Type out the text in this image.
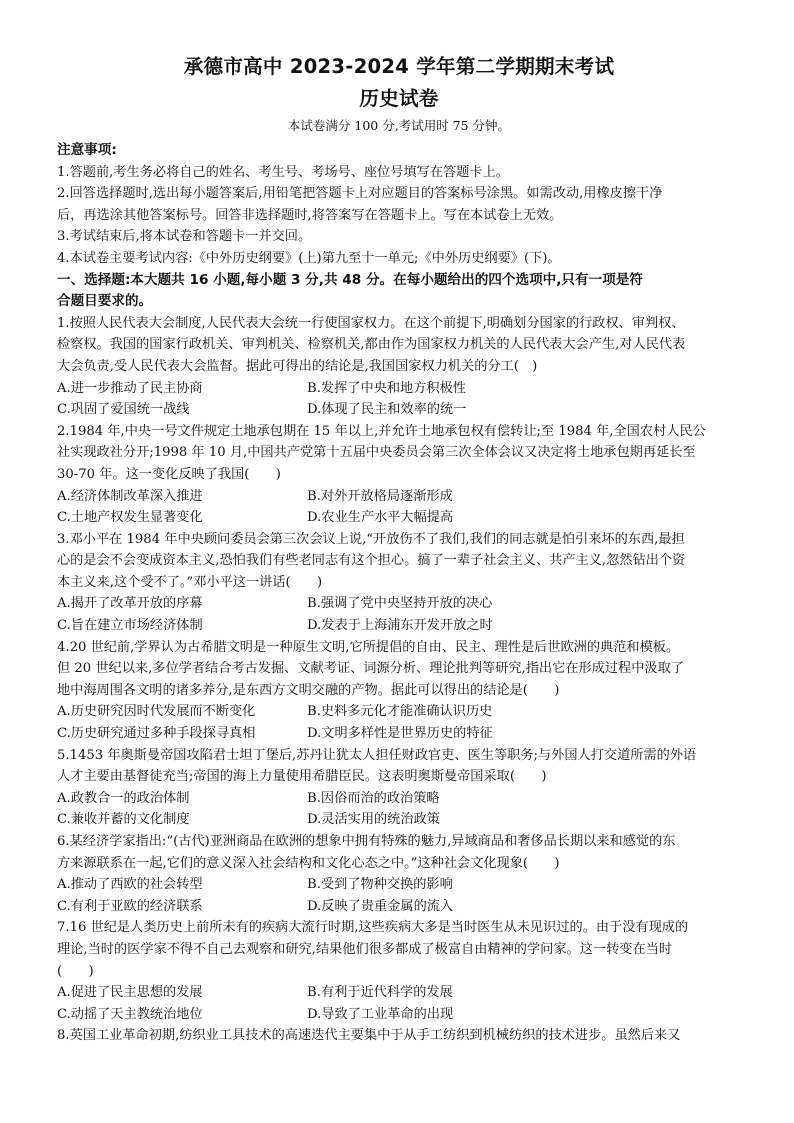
承德市高中 2023-2024 学年第二学期期末考试
历史试卷
本试卷满分 100 分,考试用时 75 分钟。

注意事项:

1.答题前,考生务必将自己的姓名、考生号、考场号、座位号填写在答题卡上。

2.回答选择题时,选出每小题答案后,用铅笔把答题卡上对应题目的答案标号涂黑。如需改动,用橡皮擦干净

后，再选涂其他答案标号。回答非选择题时,将答案写在答题卡上。写在本试卷上无效。

3.考试结束后,将本试卷和答题卡一并交回。

4.本试卷主要考试内容:《中外历史纲要》(上)第九至十一单元;《中外历史纲要》(下)。

一、选择题:本大题共 16 小题,每小题 3 分,共 48 分。在每小题给出的四个选项中,只有一项是符

合题目要求的。

1.按照人民代表大会制度,人民代表大会统一行使国家权力。在这个前提下,明确划分国家的行政权、审判权、

检察权。我国的国家行政机关、审判机关、检察机关,都由作为国家权力机关的人民代表大会产生,对人民代表

大会负责,受人民代表大会监督。据此可得出的结论是,我国国家权力机关的分工(　)

A.进一步推动了民主协商	B.发挥了中央和地方积极性
C.巩固了爱国统一战线	D.体现了民主和效率的统一

2.1984 年,中央一号文件规定土地承包期在 15 年以上,并允许土地承包权有偿转让;至 1984 年,全国农村人民公

社实现政社分开;1998 年 10 月,中国共产党第十五届中央委员会第三次全体会议又决定将土地承包期再延长至

30-70 年。这一变化反映了我国(　　)

A.经济体制改革深入推进	B.对外开放格局逐渐形成
C.土地产权发生显著变化	D.农业生产水平大幅提高

3.邓小平在 1984 年中央顾问委员会第三次会议上说,“开放伤不了我们,我们的同志就是怕引来坏的东西,最担

心的是会不会变成资本主义,恐怕我们有些老同志有这个担心。搞了一辈子社会主义、共产主义,忽然钻出个资

本主义来,这个受不了。”邓小平这一讲话(　　)

A.揭开了改革开放的序幕	B.强调了党中央坚持开放的决心
C.旨在建立市场经济体制	D.发表于上海浦东开发开放之时

4.20 世纪前,学界认为古希腊文明是一种原生文明,它所提倡的自由、民主、理性是后世欧洲的典范和模板。

但 20 世纪以来,多位学者结合考古发掘、文献考证、词源分析、理论批判等研究,指出它在形成过程中汲取了

地中海周围各文明的诸多养分,是东西方文明交融的产物。据此可以得出的结论是(　　)

A.历史研究因时代发展而不断变化	B.史料多元化才能准确认识历史
C.历史研究通过多种手段探寻真相	D.文明多样性是世界历史的特征

5.1453 年奥斯曼帝国攻陷君士坦丁堡后,苏丹让犹太人担任财政官吏、医生等职务;与外国人打交道所需的外语

人才主要由基督徒充当;帝国的海上力量使用希腊臣民。这表明奥斯曼帝国采取(　　)

A.政教合一的政治体制	B.因俗而治的政治策略
C.兼收并蓄的文化制度	D.灵活实用的统治政策

6.某经济学家指出:“(古代)亚洲商品在欧洲的想象中拥有特殊的魅力,异域商品和奢侈品长期以来和感觉的东

方来源联系在一起,它们的意义深入社会结构和文化心态之中。”这种社会文化现象(　　)

A.推动了西欧的社会转型	B.受到了物种交换的影响
C.有利于亚欧的经济联系	D.反映了贵重金属的流入

7.16 世纪是人类历史上前所未有的疾病大流行时期,这些疾病大多是当时医生从未见识过的。由于没有现成的

理论,当时的医学家不得不自己去观察和研究,结果他们很多都成了极富自由精神的学问家。这一转变在当时

(　　)

A.促进了民主思想的发展	B.有利于近代科学的发展
C.动摇了天主教统治地位	D.导致了工业革命的出现

8.英国工业革命初期,纺织业工具技术的高速迭代主要集中于从手工纺织到机械纺织的技术进步。虽然后来又
